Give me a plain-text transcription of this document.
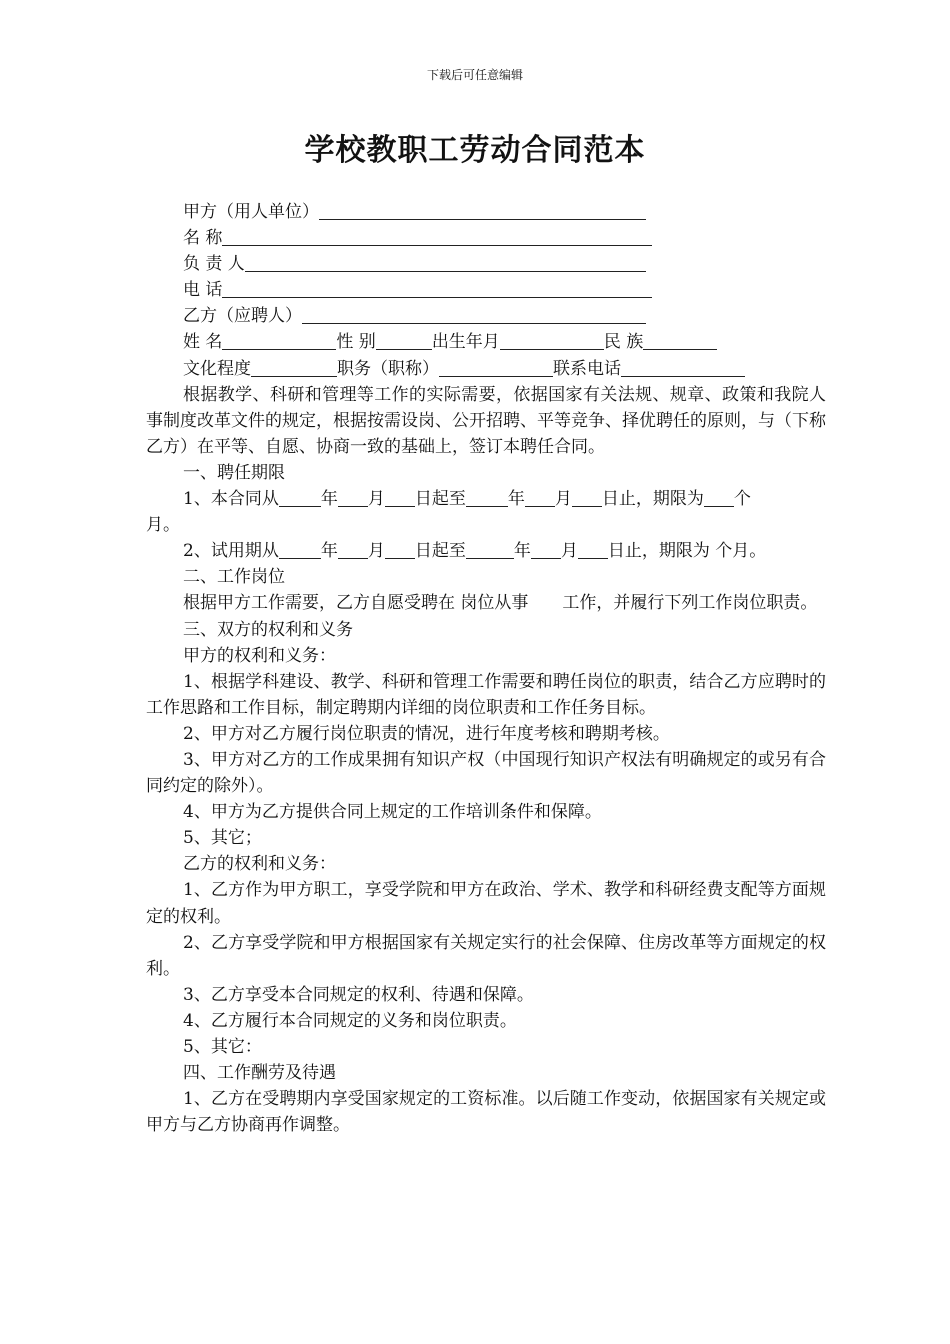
下载后可任意编辑
学校教职工劳动合同范本

甲方（用人单位）

名 称

负 责 人

电 话

乙方（应聘人）

姓 名	性 别	出生年月	民 族

文化程度	职务（职称）	联系电话

根据教学、科研和管理等工作的实际需要，依据国家有关法规、规章、政策和我院人事制度改革文件的规定，根据按需设岗、公开招聘、平等竞争、择优聘任的原则，与（下称乙方）在平等、自愿、协商一致的基础上，签订本聘任合同。

一、聘任期限

1、本合同从 年 月 日起至 年 月 日止，期限为 个

月。

2、试用期从 年 月 日起至	年 月 日止，期限为 个月。

二、工作岗位

根据甲方工作需要，乙方自愿受聘在 岗位从事　　工作，并履行下列工作岗位职责。

三、双方的权利和义务

甲方的权利和义务：

1、根据学科建设、教学、科研和管理工作需要和聘任岗位的职责，结合乙方应聘时的工作思路和工作目标，制定聘期内详细的岗位职责和工作任务目标。

2、甲方对乙方履行岗位职责的情况，进行年度考核和聘期考核。

3、甲方对乙方的工作成果拥有知识产权（中国现行知识产权法有明确规定的或另有合同约定的除外）。

4、甲方为乙方提供合同上规定的工作培训条件和保障。

5、其它；

乙方的权利和义务：

1、乙方作为甲方职工，享受学院和甲方在政治、学术、教学和科研经费支配等方面规定的权利。

2、乙方享受学院和甲方根据国家有关规定实行的社会保障、住房改革等方面规定的权利。

3、乙方享受本合同规定的权利、待遇和保障。

4、乙方履行本合同规定的义务和岗位职责。

5、其它：

四、工作酬劳及待遇

1、乙方在受聘期内享受国家规定的工资标准。以后随工作变动，依据国家有关规定或甲方与乙方协商再作调整。
